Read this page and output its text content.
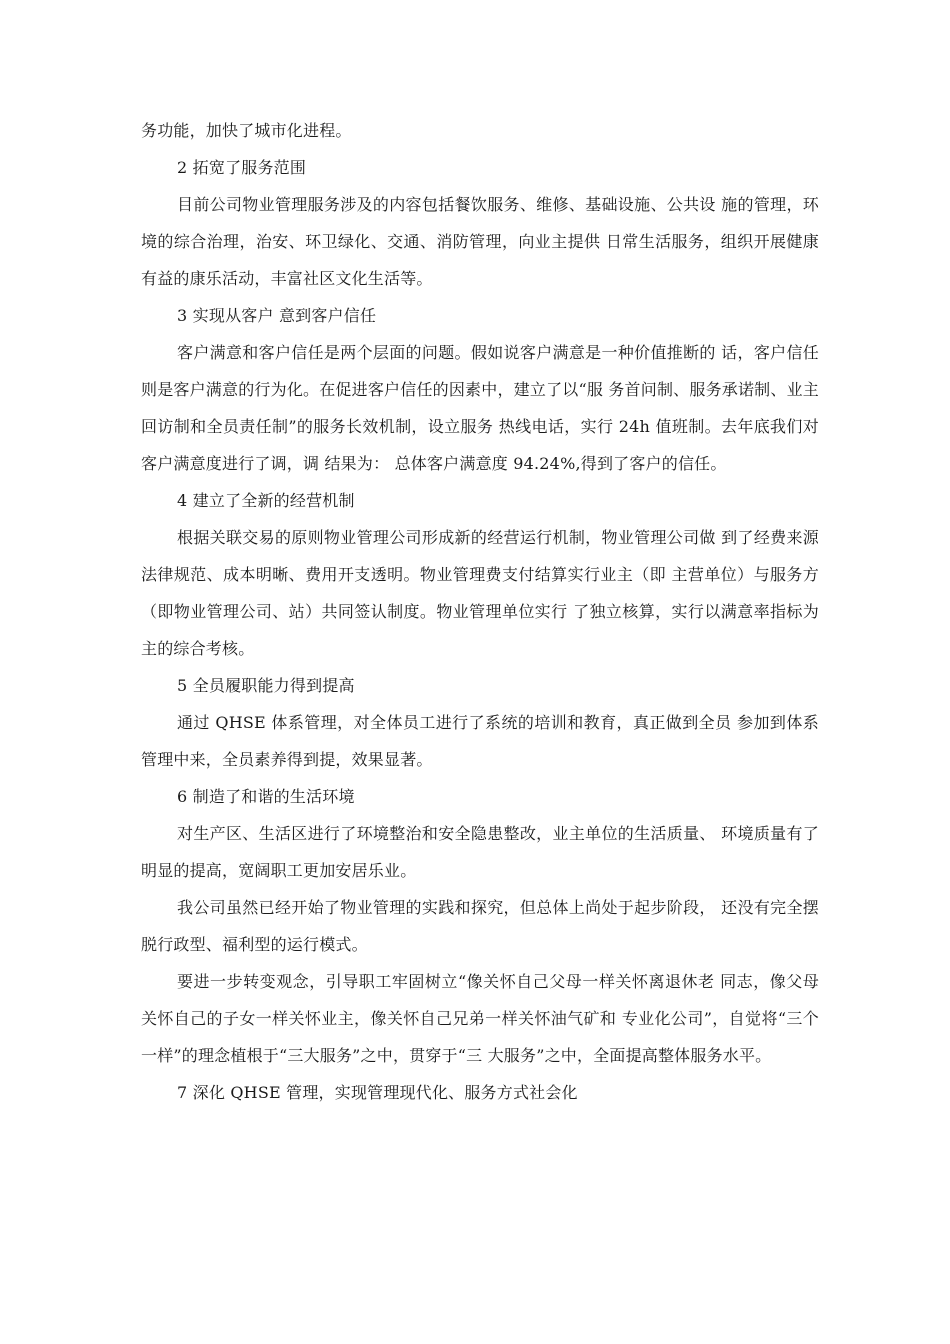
务功能，加快了城市化进程。

2 拓宽了服务范围

目前公司物业管理服务涉及的内容包括餐饮服务、维修、基础设施、公共设 施的管理，环境的综合治理，治安、环卫绿化、交通、消防管理，向业主提供 日常生活服务，组织开展健康有益的康乐活动，丰富社区文化生活等。

3 实现从客户 意到客户信任

客户满意和客户信任是两个层面的问题。假如说客户满意是一种价值推断的 话，客户信任则是客户满意的行为化。在促进客户信任的因素中，建立了以“服 务首问制、服务承诺制、业主回访制和全员责任制”的服务长效机制，设立服务 热线电话，实行 24h 值班制。去年底我们对客户满意度进行了调，调 结果为： 总体客户满意度 94.24%,得到了客户的信任。

4 建立了全新的经营机制

根据关联交易的原则物业管理公司形成新的经营运行机制，物业管理公司做 到了经费来源法律规范、成本明晰、费用开支透明。物业管理费支付结算实行业主（即 主营单位）与服务方（即物业管理公司、站）共同签认制度。物业管理单位实行 了独立核算，实行以满意率指标为主的综合考核。

5 全员履职能力得到提高

通过 QHSE 体系管理，对全体员工进行了系统的培训和教育，真正做到全员 参加到体系管理中来，全员素养得到提，效果显著。

6 制造了和谐的生活环境

对生产区、生活区进行了环境整治和安全隐患整改，业主单位的生活质量、 环境质量有了明显的提高，宽阔职工更加安居乐业。

我公司虽然已经开始了物业管理的实践和探究，但总体上尚处于起步阶段， 还没有完全摆脱行政型、福利型的运行模式。

要进一步转变观念，引导职工牢固树立“像关怀自己父母一样关怀离退休老 同志，像父母关怀自己的子女一样关怀业主，像关怀自己兄弟一样关怀油气矿和 专业化公司”，自觉将“三个一样”的理念植根于“三大服务”之中，贯穿于“三 大服务”之中，全面提高整体服务水平。

7 深化 QHSE 管理，实现管理现代化、服务方式社会化
